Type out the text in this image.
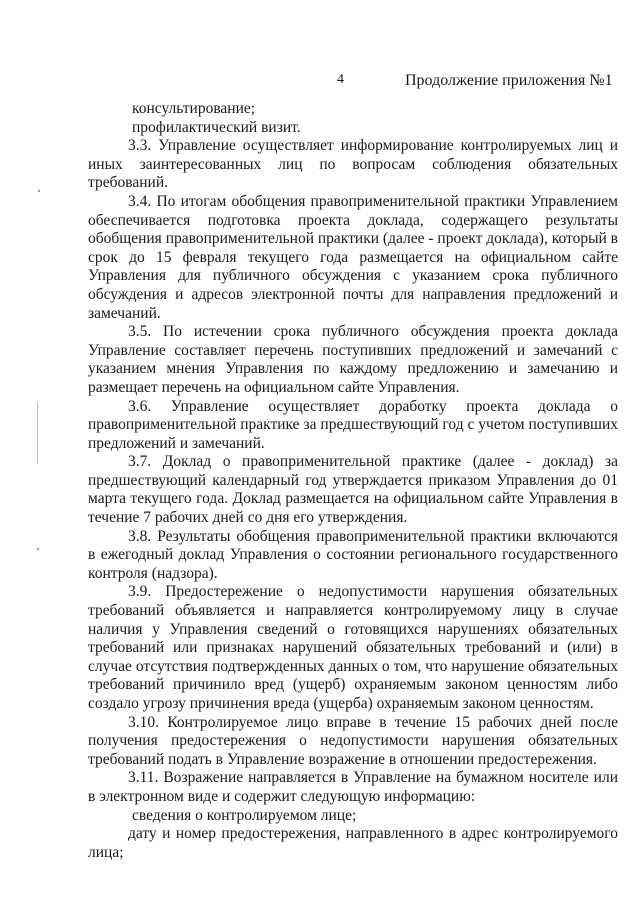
4	Продолжение приложения №1

консультирование;

профилактический визит.

3.3. Управление осуществляет информирование контролируемых лиц и иных заинтересованных лиц по вопросам соблюдения обязательных требований.

3.4. По итогам обобщения правоприменительной практики Управлением обеспечивается подготовка проекта доклада, содержащего результаты обобщения правоприменительной практики (далее - проект доклада), который в срок до 15 февраля текущего года размещается на официальном сайте Управления для публичного обсуждения с указанием срока публичного обсуждения и адресов электронной почты для направления предложений и замечаний.

3.5. По истечении срока публичного обсуждения проекта доклада Управление составляет перечень поступивших предложений и замечаний с указанием мнения Управления по каждому предложению и замечанию и размещает перечень на официальном сайте Управления.

3.6. Управление осуществляет доработку проекта доклада о правоприменительной практике за предшествующий год с учетом поступивших предложений и замечаний.

3.7. Доклад о правоприменительной практике (далее - доклад) за предшествующий календарный год утверждается приказом Управления до 01 марта текущего года. Доклад размещается на официальном сайте Управления в течение 7 рабочих дней со дня его утверждения.

3.8. Результаты обобщения правоприменительной практики включаются в ежегодный доклад Управления о состоянии регионального государственного контроля (надзора).

3.9. Предостережение о недопустимости нарушения обязательных требований объявляется и направляется контролируемому лицу в случае наличия у Управления сведений о готовящихся нарушениях обязательных требований или признаках нарушений обязательных требований и (или) в случае отсутствия подтвержденных данных о том, что нарушение обязательных требований причинило вред (ущерб) охраняемым законом ценностям либо создало угрозу причинения вреда (ущерба) охраняемым законом ценностям.

3.10. Контролируемое лицо вправе в течение 15 рабочих дней после получения предостережения о недопустимости нарушения обязательных требований подать в Управление возражение в отношении предостережения.

3.11. Возражение направляется в Управление на бумажном носителе или в электронном виде и содержит следующую информацию:

сведения о контролируемом лице;

дату и номер предостережения, направленного в адрес контролируемого лица;
